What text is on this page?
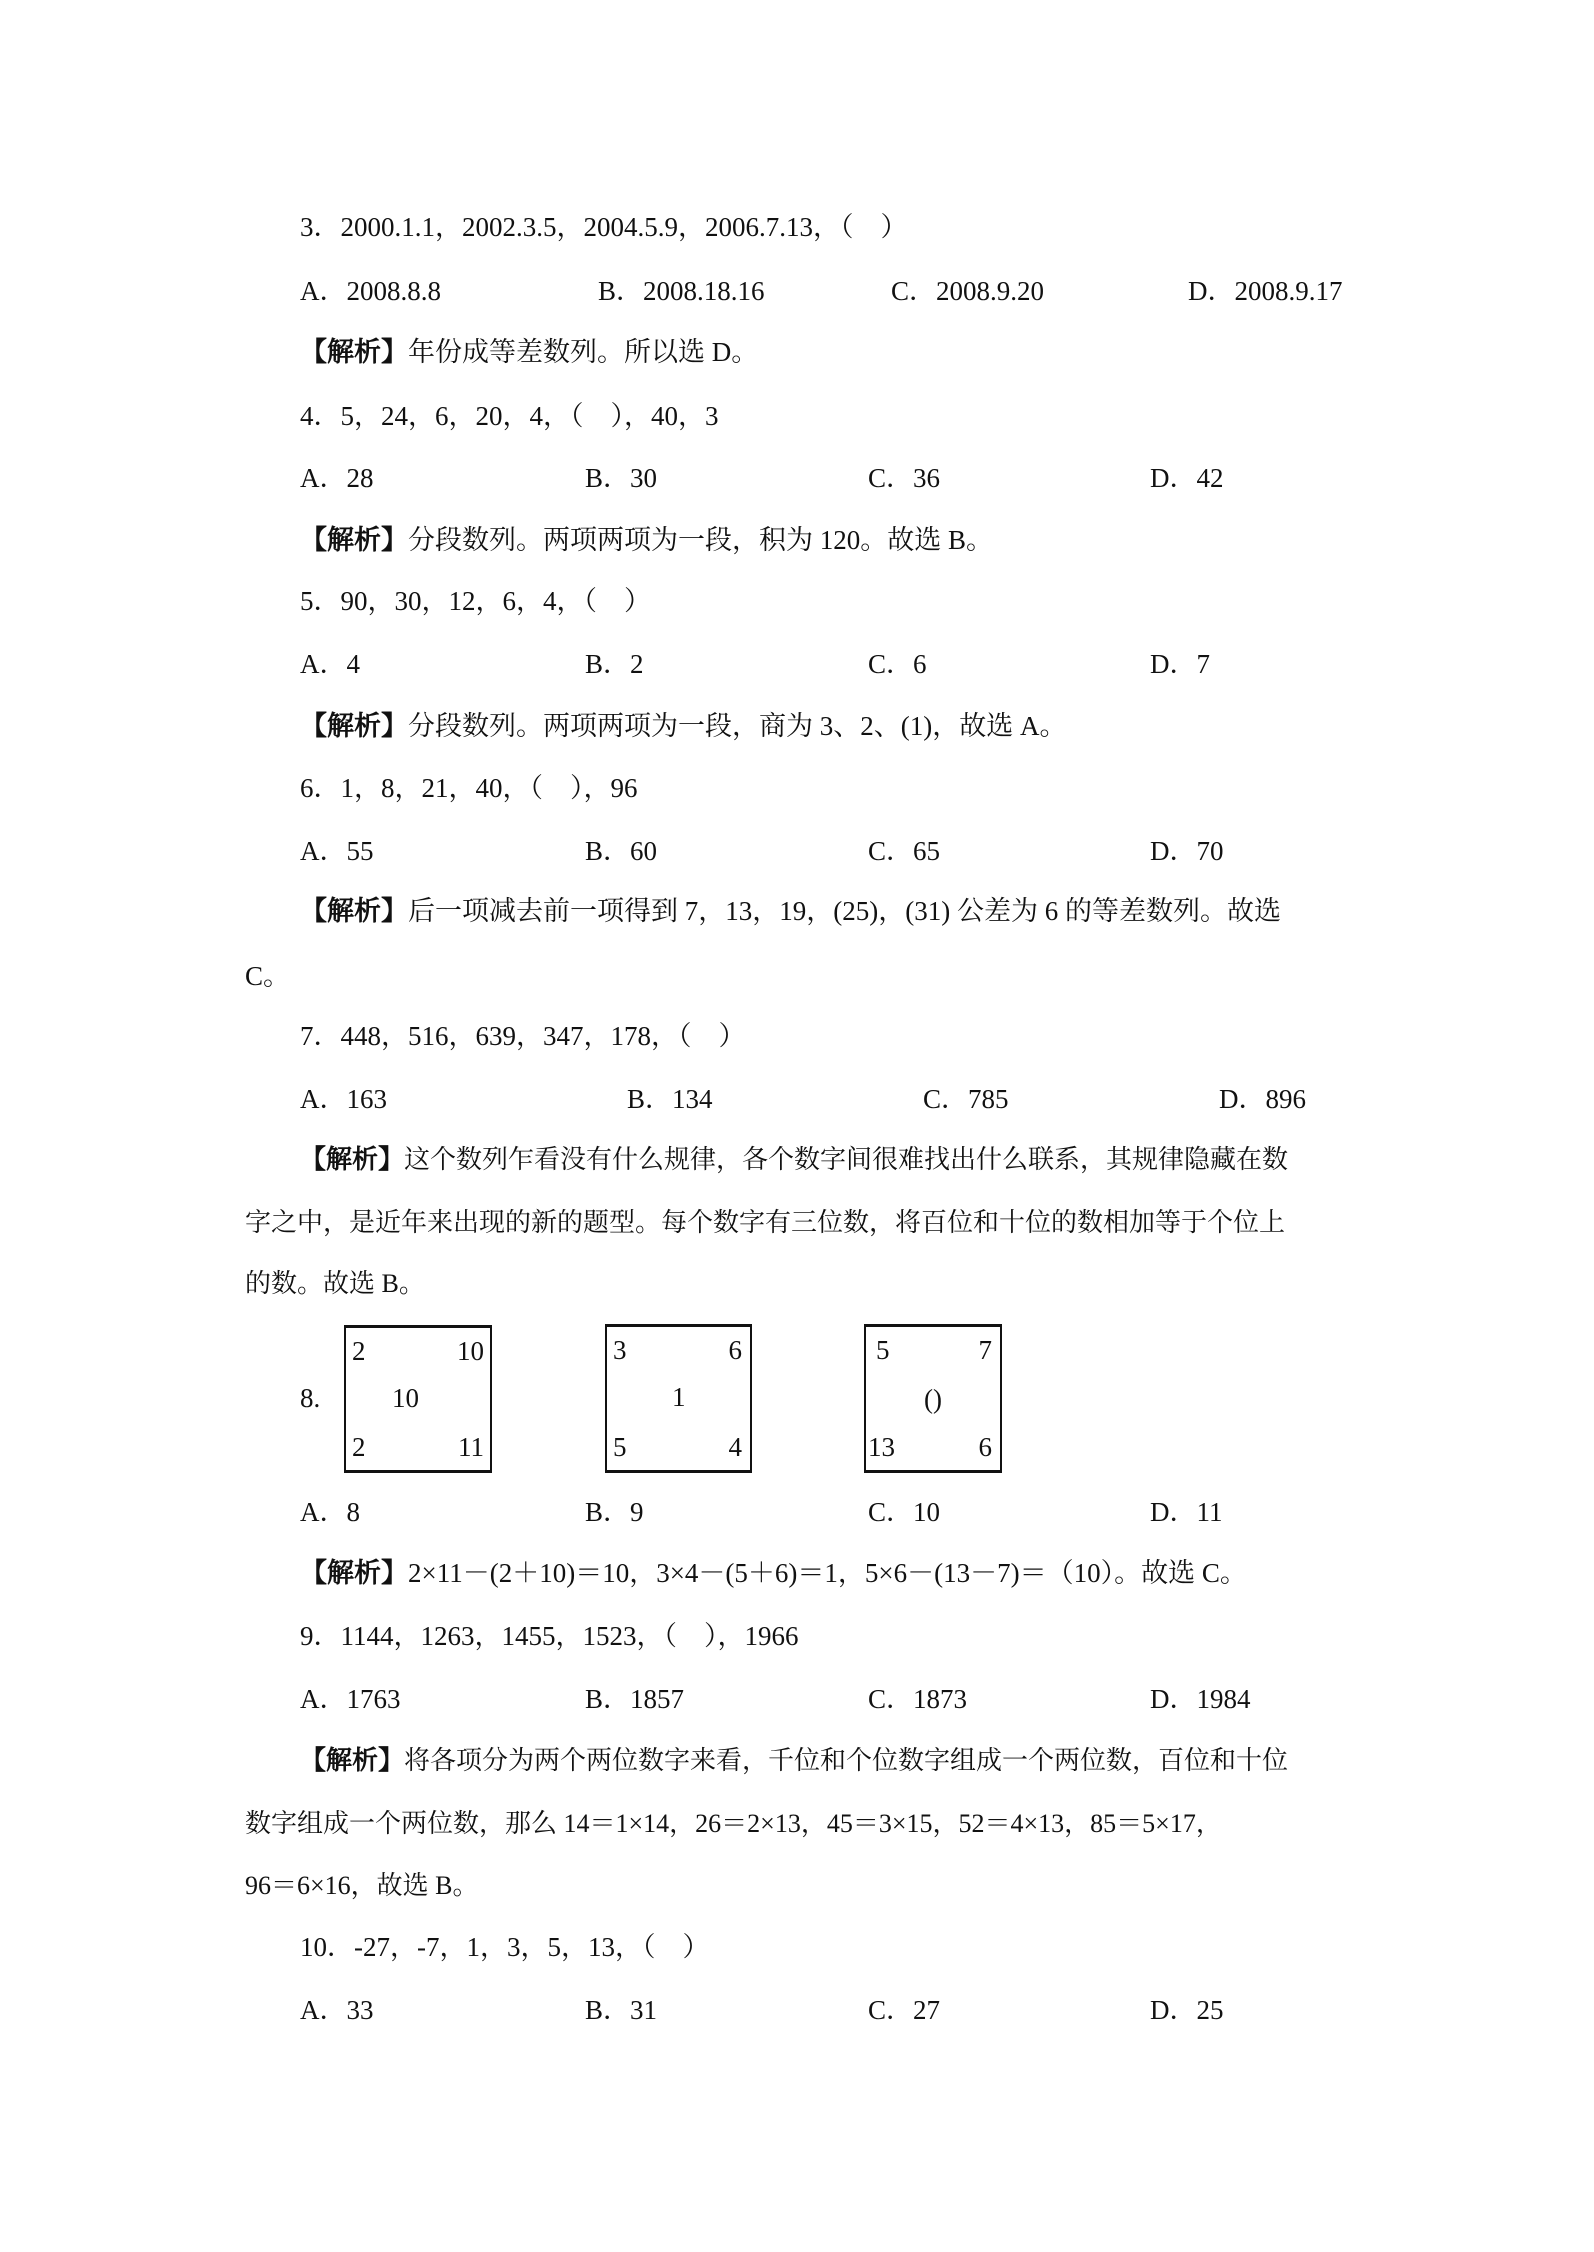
3．2000.1.1，2002.3.5，2004.5.9，2006.7.13，（　）
A．2008.8.8	B．2008.18.16	C．2008.9.20	D．2008.9.17
【解析】年份成等差数列。所以选 D。
4．5，24，6，20，4，（　），40，3
A．28	B．30	C．36	D．42
【解析】分段数列。两项两项为一段，积为 120。故选 B。
5．90，30，12，6，4，（　）
A．4	B．2	C．6	D．7
【解析】分段数列。两项两项为一段，商为 3、2、(1)，故选 A。
6．1，8，21，40，（　），96
A．55	B．60	C．65	D．70
【解析】后一项减去前一项得到 7，13，19，(25)，(31) 公差为 6 的等差数列。故选
C。
7．448，516，639，347，178，（　）
A．163	B．134	C．785	D．896
【解析】这个数列乍看没有什么规律，各个数字间很难找出什么联系，其规律隐藏在数
字之中，是近年来出现的新的题型。每个数字有三位数，将百位和十位的数相加等于个位上
的数。故选 B。
8.
2	10
10
2	11
3	6
1
5	4
5	7
()
13	6
A．8	B．9	C．10	D．11
【解析】2×11－(2＋10)＝10，3×4－(5＋6)＝1，5×6－(13－7)＝（10）。故选 C。
9．1144，1263，1455，1523，（　），1966
A．1763	B．1857	C．1873	D．1984
【解析】将各项分为两个两位数字来看，千位和个位数字组成一个两位数，百位和十位
数字组成一个两位数，那么 14＝1×14，26＝2×13，45＝3×15，52＝4×13，85＝5×17，
96＝6×16，故选 B。
10．-27，-7，1，3，5，13，（　）
A．33	B．31	C．27	D．25
